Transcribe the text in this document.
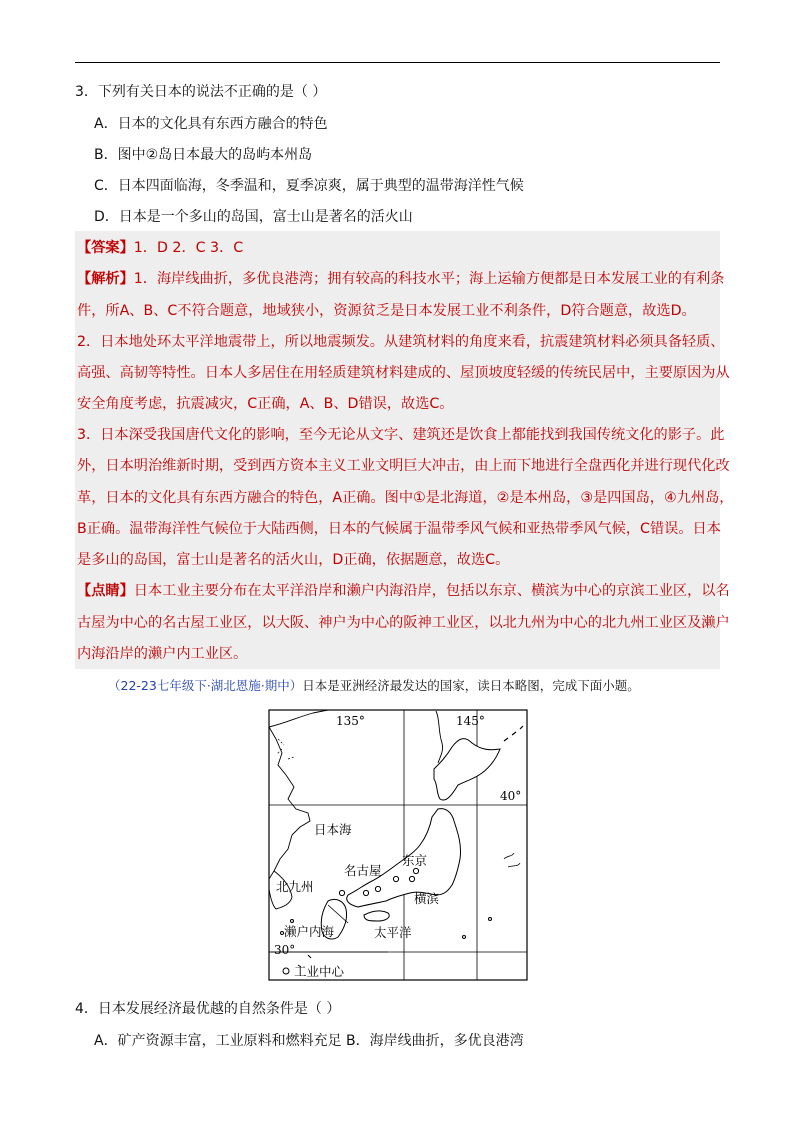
3．下列有关日本的说法不正确的是（ ）
A．日本的文化具有东西方融合的特色
B．图中②岛日本最大的岛屿本州岛
C．日本四面临海，冬季温和，夏季凉爽，属于典型的温带海洋性气候
D．日本是一个多山的岛国，富士山是著名的活火山
【答案】1．D 2．C 3．C
【解析】1．海岸线曲折，多优良港湾；拥有较高的科技水平；海上运输方便都是日本发展工业的有利条
件，所A、B、C不符合题意，地域狭小，资源贫乏是日本发展工业不利条件，D符合题意，故选D。
2．日本地处环太平洋地震带上，所以地震频发。从建筑材料的角度来看，抗震建筑材料必须具备轻质、
高强、高韧等特性。日本人多居住在用轻质建筑材料建成的、屋顶坡度轻缓的传统民居中，主要原因为从
安全角度考虑，抗震减灾，C正确，A、B、D错误，故选C。
3．日本深受我国唐代文化的影响，至今无论从文字、建筑还是饮食上都能找到我国传统文化的影子。此
外，日本明治维新时期，受到西方资本主义工业文明巨大冲击，由上而下地进行全盘西化并进行现代化改
革，日本的文化具有东西方融合的特色，A正确。图中①是北海道，②是本州岛，③是四国岛，④九州岛，
B正确。温带海洋性气候位于大陆西侧，日本的气候属于温带季风气候和亚热带季风气候，C错误。日本
是多山的岛国，富士山是著名的活火山，D正确，依据题意，故选C。
【点睛】日本工业主要分布在太平洋沿岸和濑户内海沿岸，包括以东京、横滨为中心的京滨工业区，以名
古屋为中心的名古屋工业区，以大阪、神户为中心的阪神工业区，以北九州为中心的北九州工业区及濑户
内海沿岸的濑户内工业区。
（22-23七年级下·湖北恩施·期中）日本是亚洲经济最发达的国家，读日本略图，完成下面小题。
135°	145°
40°
30°
日本海
名古屋
东京
横滨
北九州
濑户内海	太平洋
工业中心
4．日本发展经济最优越的自然条件是（ ）
A．矿产资源丰富，工业原料和燃料充足 B．海岸线曲折，多优良港湾
